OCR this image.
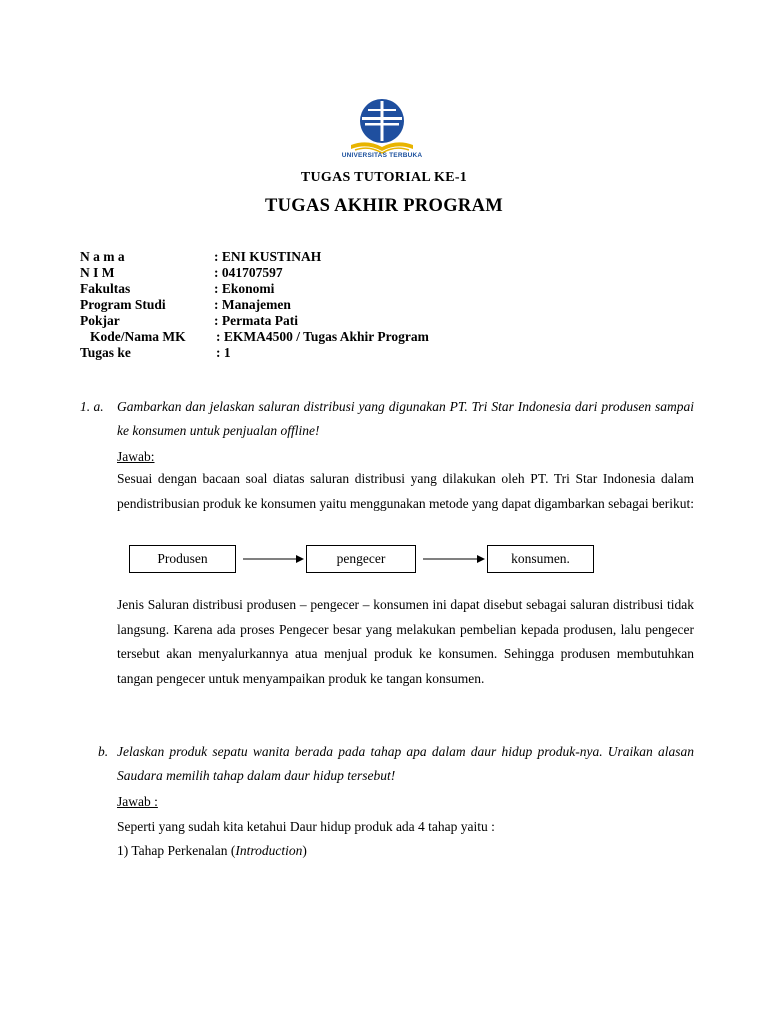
UNIVERSITAS TERBUKA
TUGAS TUTORIAL KE-1
TUGAS AKHIR PROGRAM
N a m a	: ENI KUSTINAH
N I M	: 041707597
Fakultas	: Ekonomi
Program Studi	: Manajemen
Pokjar	: Permata Pati
Kode/Nama MK : EKMA4500 / Tugas Akhir Program
Tugas ke	: 1
1. a. Gambarkan dan jelaskan saluran distribusi yang digunakan PT. Tri Star Indonesia dari produsen sampai ke konsumen untuk penjualan offline!
Jawab:
Sesuai dengan bacaan soal diatas saluran distribusi yang dilakukan oleh PT. Tri Star Indonesia dalam pendistribusian produk ke konsumen yaitu menggunakan metode yang dapat digambarkan sebagai berikut:
Produsen	pengecer	konsumen.
Jenis Saluran distribusi produsen – pengecer – konsumen ini dapat disebut sebagai saluran distribusi tidak langsung. Karena ada proses Pengecer besar yang melakukan pembelian kepada produsen, lalu pengecer tersebut akan menyalurkannya atua menjual produk ke konsumen. Sehingga produsen membutuhkan tangan pengecer untuk menyampaikan produk ke tangan konsumen.
b. Jelaskan produk sepatu wanita berada pada tahap apa dalam daur hidup produk-nya. Uraikan alasan Saudara memilih tahap dalam daur hidup tersebut!
Jawab :
Seperti yang sudah kita ketahui Daur hidup produk ada 4 tahap yaitu :
1) Tahap Perkenalan (Introduction)
